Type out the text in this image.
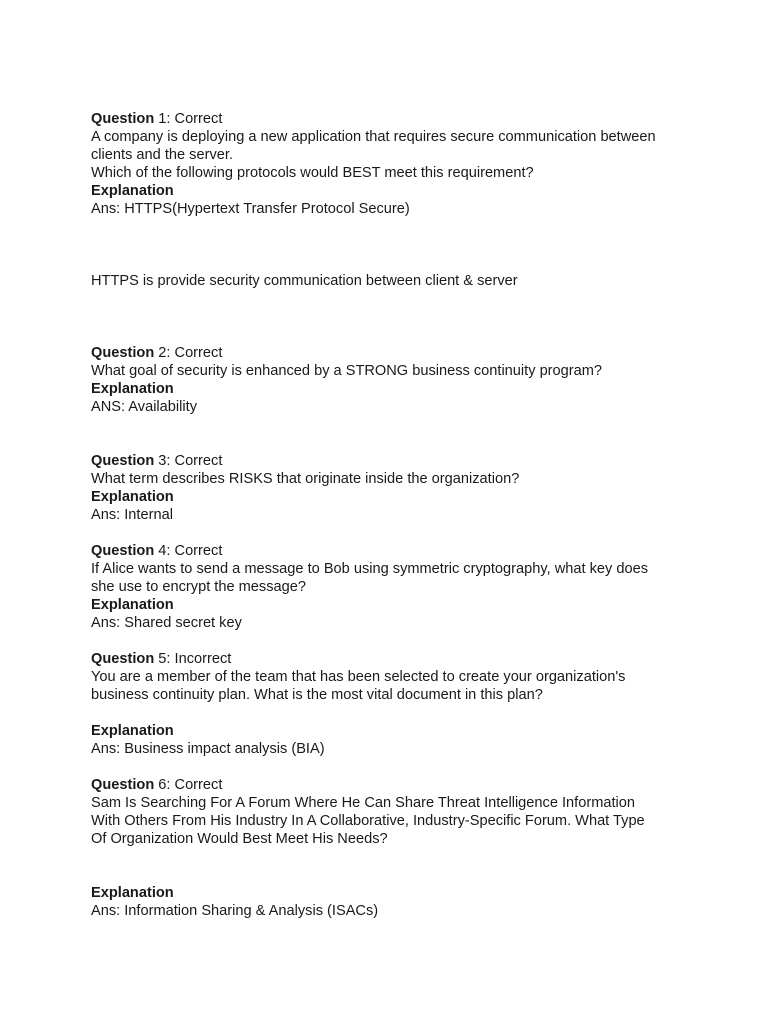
Question 1: Correct
A company is deploying a new application that requires secure communication between
clients and the server.
Which of the following protocols would BEST meet this requirement?
Explanation
Ans: HTTPS(Hypertext Transfer Protocol Secure)
HTTPS is provide security communication between client & server
Question 2: Correct
What goal of security is enhanced by a STRONG business continuity program?
Explanation
ANS: Availability
Question 3: Correct
What term describes RISKS that originate inside the organization?
Explanation
Ans: Internal
Question 4: Correct
If Alice wants to send a message to Bob using symmetric cryptography, what key does
she use to encrypt the message?
Explanation
Ans: Shared secret key
Question 5: Incorrect
You are a member of the team that has been selected to create your organization's
business continuity plan. What is the most vital document in this plan?
Explanation
Ans: Business impact analysis (BIA)
Question 6: Correct
Sam Is Searching For A Forum Where He Can Share Threat Intelligence Information
With Others From His Industry In A Collaborative, Industry-Specific Forum. What Type
Of Organization Would Best Meet His Needs?
Explanation
Ans: Information Sharing & Analysis (ISACs)
